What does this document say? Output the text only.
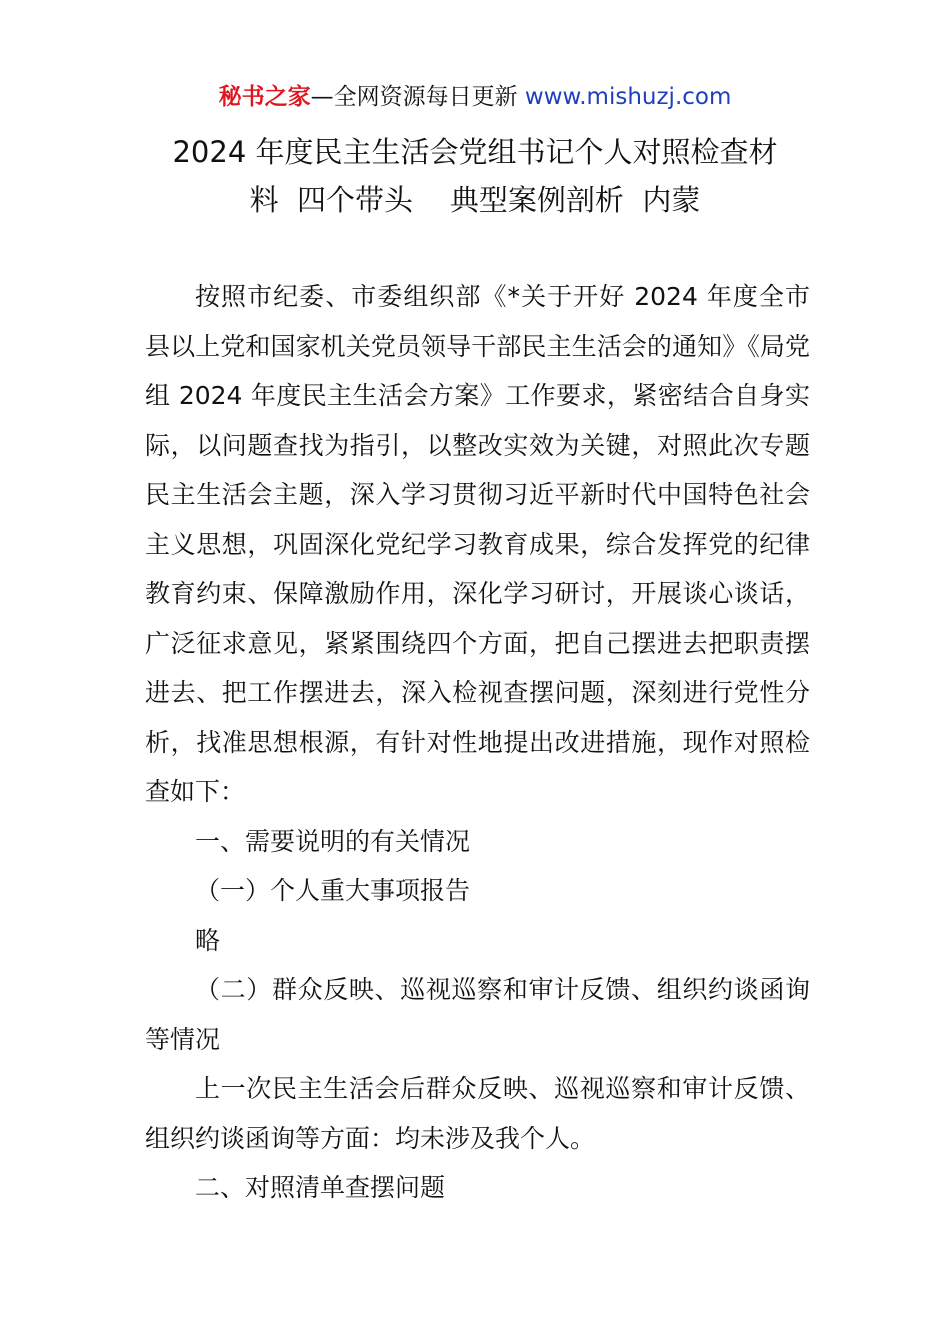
秘书之家—全网资源每日更新 www.mishuzj.com
2024 年度民主生活会党组书记个人对照检查材
料  四个带头    典型案例剖析  内蒙

按照市纪委、市委组织部《*关于开好 2024 年度全市县以上党和国家机关党员领导干部民主生活会的通知》《局党组 2024 年度民主生活会方案》工作要求，紧密结合自身实际，以问题查找为指引，以整改实效为关键，对照此次专题民主生活会主题，深入学习贯彻习近平新时代中国特色社会主义思想，巩固深化党纪学习教育成果，综合发挥党的纪律教育约束、保障激励作用，深化学习研讨，开展谈心谈话，广泛征求意见，紧紧围绕四个方面，把自己摆进去把职责摆进去、把工作摆进去，深入检视查摆问题，深刻进行党性分析，找准思想根源，有针对性地提出改进措施，现作对照检查如下：

一、需要说明的有关情况

（一）个人重大事项报告

略

（二）群众反映、巡视巡察和审计反馈、组织约谈函询等情况

上一次民主生活会后群众反映、巡视巡察和审计反馈、组织约谈函询等方面：均未涉及我个人。

二、对照清单查摆问题
